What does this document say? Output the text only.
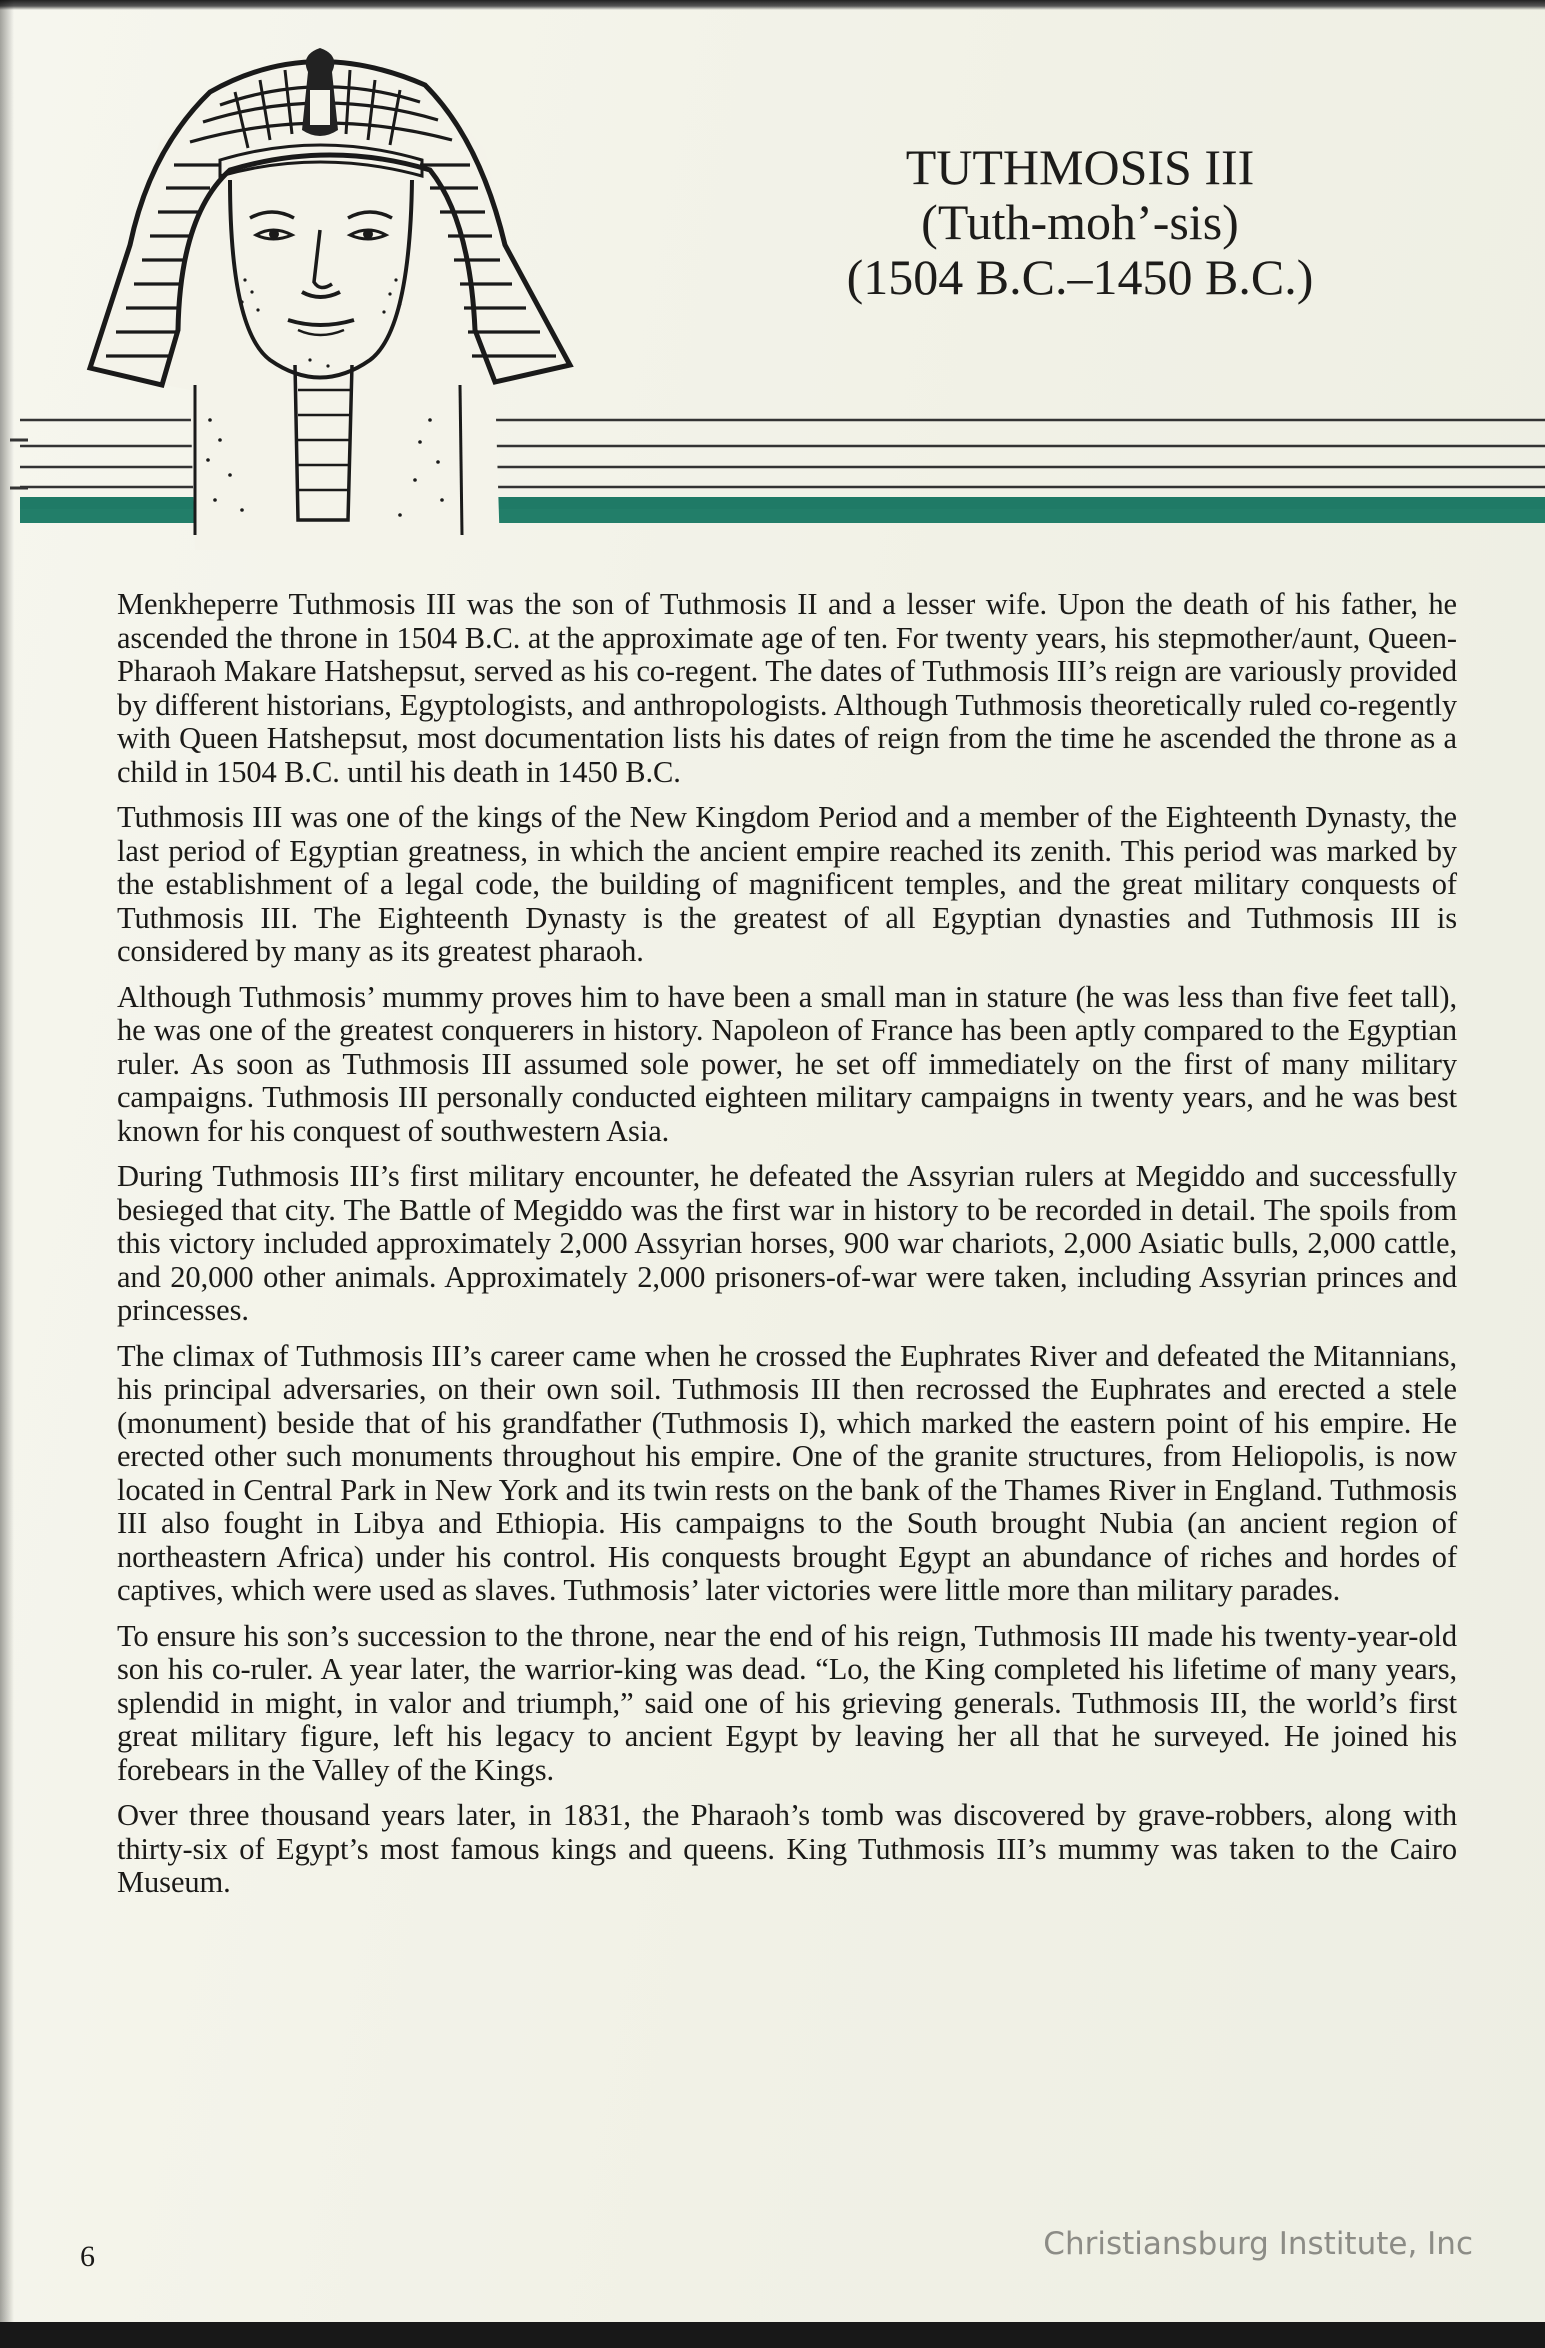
TUTHMOSIS III
(Tuth-moh’-sis)
(1504 B.C.–1450 B.C.)

Menkheperre Tuthmosis III was the son of Tuthmosis II and a lesser wife. Upon the death of his father, he ascended the throne in 1504 B.C. at the approximate age of ten. For twenty years, his stepmother/aunt, Queen-Pharaoh Makare Hatshepsut, served as his co-regent. The dates of Tuthmosis III’s reign are variously provided by different historians, Egyptologists, and anthropologists. Although Tuthmosis theoretically ruled co-regently with Queen Hatshepsut, most documentation lists his dates of reign from the time he ascended the throne as a child in 1504 B.C. until his death in 1450 B.C.

Tuthmosis III was one of the kings of the New Kingdom Period and a member of the Eighteenth Dynasty, the last period of Egyptian greatness, in which the ancient empire reached its zenith. This period was marked by the establishment of a legal code, the building of magnificent temples, and the great military conquests of Tuthmosis III. The Eighteenth Dynasty is the greatest of all Egyptian dynasties and Tuthmosis III is considered by many as its greatest pharaoh.

Although Tuthmosis’ mummy proves him to have been a small man in stature (he was less than five feet tall), he was one of the greatest conquerers in history. Napoleon of France has been aptly compared to the Egyptian ruler. As soon as Tuthmosis III assumed sole power, he set off immediately on the first of many military campaigns. Tuthmosis III personally conducted eighteen military campaigns in twenty years, and he was best known for his conquest of southwestern Asia.

During Tuthmosis III’s first military encounter, he defeated the Assyrian rulers at Megiddo and successfully besieged that city. The Battle of Megiddo was the first war in history to be recorded in detail. The spoils from this victory included approximately 2,000 Assyrian horses, 900 war chariots, 2,000 Asiatic bulls, 2,000 cattle, and 20,000 other animals. Approximately 2,000 prisoners-of-war were taken, including Assyrian princes and princesses.

The climax of Tuthmosis III’s career came when he crossed the Euphrates River and defeated the Mitannians, his principal adversaries, on their own soil. Tuthmosis III then recrossed the Euphrates and erected a stele (monument) beside that of his grandfather (Tuthmosis I), which marked the eastern point of his empire. He erected other such monuments throughout his empire. One of the granite structures, from Heliopolis, is now located in Central Park in New York and its twin rests on the bank of the Thames River in England. Tuthmosis III also fought in Libya and Ethiopia. His campaigns to the South brought Nubia (an ancient region of northeastern Africa) under his control. His conquests brought Egypt an abundance of riches and hordes of captives, which were used as slaves. Tuthmosis’ later victories were little more than military parades.

To ensure his son’s succession to the throne, near the end of his reign, Tuthmosis III made his twenty-year-old son his co-ruler. A year later, the warrior-king was dead. “Lo, the King completed his lifetime of many years, splendid in might, in valor and triumph,” said one of his grieving generals. Tuthmosis III, the world’s first great military figure, left his legacy to ancient Egypt by leaving her all that he surveyed. He joined his forebears in the Valley of the Kings.

Over three thousand years later, in 1831, the Pharaoh’s tomb was discovered by grave-robbers, along with thirty-six of Egypt’s most famous kings and queens. King Tuthmosis III’s mummy was taken to the Cairo Museum.

6	Christiansburg Institute, Inc
